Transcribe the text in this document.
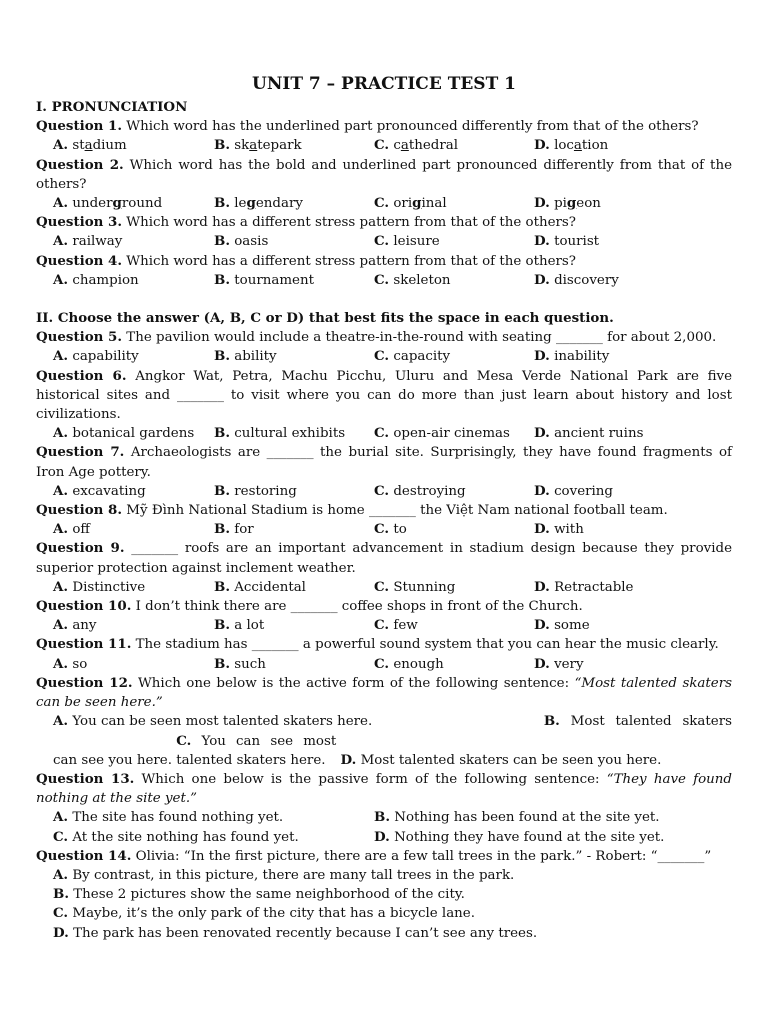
UNIT 7 – PRACTICE TEST 1
I. PRONUNCIATION
Question 1. Which word has the underlined part pronounced differently from that of the others?
A. stadium	B. skatepark	C. cathedral	D. location
Question 2. Which word has the bold and underlined part pronounced differently from that of the others?
A. underground	B. legendary	C. original	D. pigeon
Question 3. Which word has a different stress pattern from that of the others?
A. railway	B. oasis	C. leisure	D. tourist
Question 4. Which word has a different stress pattern from that of the others?
A. champion	B. tournament	C. skeleton	D. discovery
II. Choose the answer (A, B, C or D) that best fits the space in each question.
Question 5. The pavilion would include a theatre-in-the-round with seating _______ for about 2,000.
A. capability	B. ability	C. capacity	D. inability
Question 6. Angkor Wat, Petra, Machu Picchu, Uluru and Mesa Verde National Park are five historical sites and _______ to visit where you can do more than just learn about history and lost civilizations.
A. botanical gardens	B. cultural exhibits	C. open-air cinemas	D. ancient ruins
Question 7. Archaeologists are _______ the burial site. Surprisingly, they have found fragments of Iron Age pottery.
A. excavating	B. restoring	C. destroying	D. covering
Question 8. Mỹ Đình National Stadium is home _______ the Việt Nam national football team.
A. off	B. for	C. to	D. with
Question 9. _______ roofs are an important advancement in stadium design because they provide superior protection against inclement weather.
A. Distinctive	B. Accidental	C. Stunning	D. Retractable
Question 10. I don’t think there are _______ coffee shops in front of the Church.
A. any	B. a lot	C. few	D. some
Question 11. The stadium has _______ a powerful sound system that you can hear the music clearly.
A. so	B. such	C. enough	D. very
Question 12. Which one below is the active form of the following sentence: “Most talented skaters can be seen here.”
A. You can be seen most talented skaters here.	B. Most talented skaters can see you here. C. You can see most talented skaters here. D. Most talented skaters can be seen you here.
Question 13. Which one below is the passive form of the following sentence: “They have found nothing at the site yet.”
A. The site has found nothing yet.	B. Nothing has been found at the site yet.
C. At the site nothing has found yet.	D. Nothing they have found at the site yet.
Question 14. Olivia: “In the first picture, there are a few tall trees in the park.” - Robert: “_______”
A. By contrast, in this picture, there are many tall trees in the park.
B. These 2 pictures show the same neighborhood of the city.
C. Maybe, it’s the only park of the city that has a bicycle lane.
D. The park has been renovated recently because I can’t see any trees.
